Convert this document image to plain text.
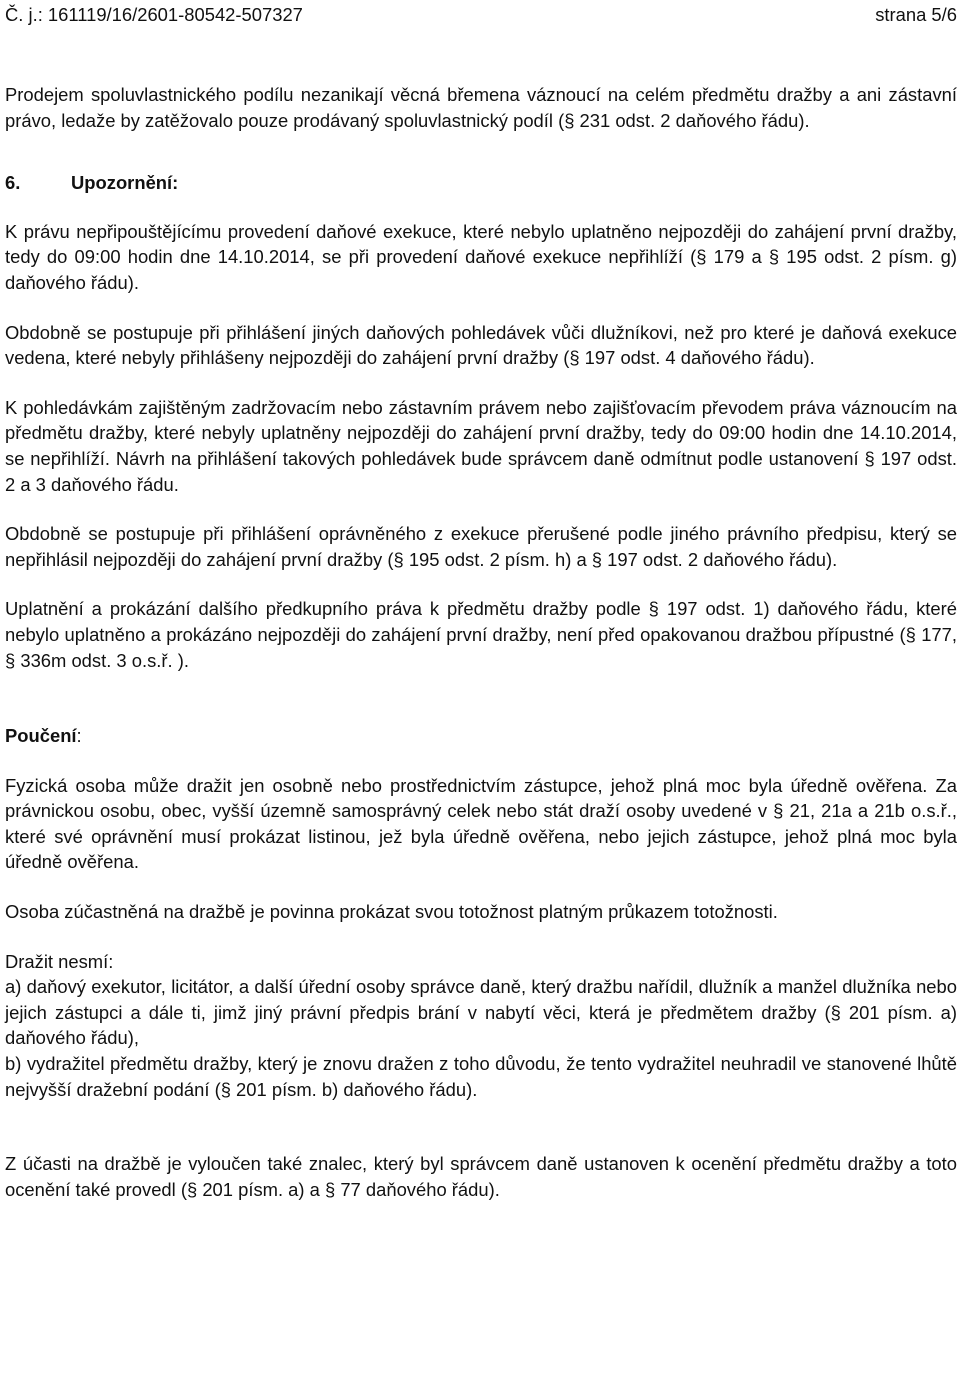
Č. j.: 161119/16/2601-80542-507327	strana 5/6

Prodejem spoluvlastnického podílu nezanikají věcná břemena váznoucí na celém předmětu dražby a ani zástavní právo, ledaže by zatěžovalo pouze prodávaný spoluvlastnický podíl (§ 231 odst. 2 daňového řádu).

6.	Upozornění:

K právu nepřipouštějícímu provedení daňové exekuce, které nebylo uplatněno nejpozději do zahájení první dražby, tedy do 09:00 hodin dne 14.10.2014, se při provedení daňové exekuce nepřihlíží (§ 179 a § 195 odst. 2 písm. g) daňového řádu).

Obdobně se postupuje při přihlášení jiných daňových pohledávek vůči dlužníkovi, než pro které je daňová exekuce vedena, které nebyly přihlášeny nejpozději do zahájení první dražby (§ 197 odst. 4 daňového řádu).

K pohledávkám zajištěným zadržovacím nebo zástavním právem nebo zajišťovacím převodem práva váznoucím na předmětu dražby, které nebyly uplatněny nejpozději do zahájení první dražby, tedy do 09:00 hodin dne 14.10.2014, se nepřihlíží. Návrh na přihlášení takových pohledávek bude správcem daně odmítnut podle ustanovení § 197 odst. 2 a 3 daňového řádu.

Obdobně se postupuje při přihlášení oprávněného z exekuce přerušené podle jiného právního předpisu, který se nepřihlásil nejpozději do zahájení první dražby (§ 195 odst. 2 písm. h) a § 197 odst. 2 daňového řádu).

Uplatnění a prokázání dalšího předkupního práva k předmětu dražby podle § 197 odst. 1) daňového řádu, které nebylo uplatněno a prokázáno nejpozději do zahájení první dražby, není před opakovanou dražbou přípustné (§ 177, § 336m odst. 3 o.s.ř. ).

Poučení:

Fyzická osoba může dražit jen osobně nebo prostřednictvím zástupce, jehož plná moc byla úředně ověřena. Za právnickou osobu, obec, vyšší územně samosprávný celek nebo stát draží osoby uvedené v § 21, 21a a 21b o.s.ř., které své oprávnění musí prokázat listinou, jež byla úředně ověřena, nebo jejich zástupce, jehož plná moc byla úředně ověřena.

Osoba zúčastněná na dražbě je povinna prokázat svou totožnost platným průkazem totožnosti.

Dražit nesmí:

a) daňový exekutor, licitátor, a další úřední osoby správce daně, který dražbu nařídil, dlužník a manžel dlužníka nebo jejich zástupci a dále ti, jimž jiný právní předpis brání v nabytí věci, která je předmětem dražby (§ 201 písm. a) daňového řádu),

b) vydražitel předmětu dražby, který je znovu dražen z toho důvodu, že tento vydražitel neuhradil ve stanovené lhůtě nejvyšší dražební podání (§ 201 písm. b) daňového řádu).

Z účasti na dražbě je vyloučen také znalec, který byl správcem daně ustanoven k ocenění předmětu dražby a toto ocenění také provedl (§ 201 písm. a) a § 77 daňového řádu).
